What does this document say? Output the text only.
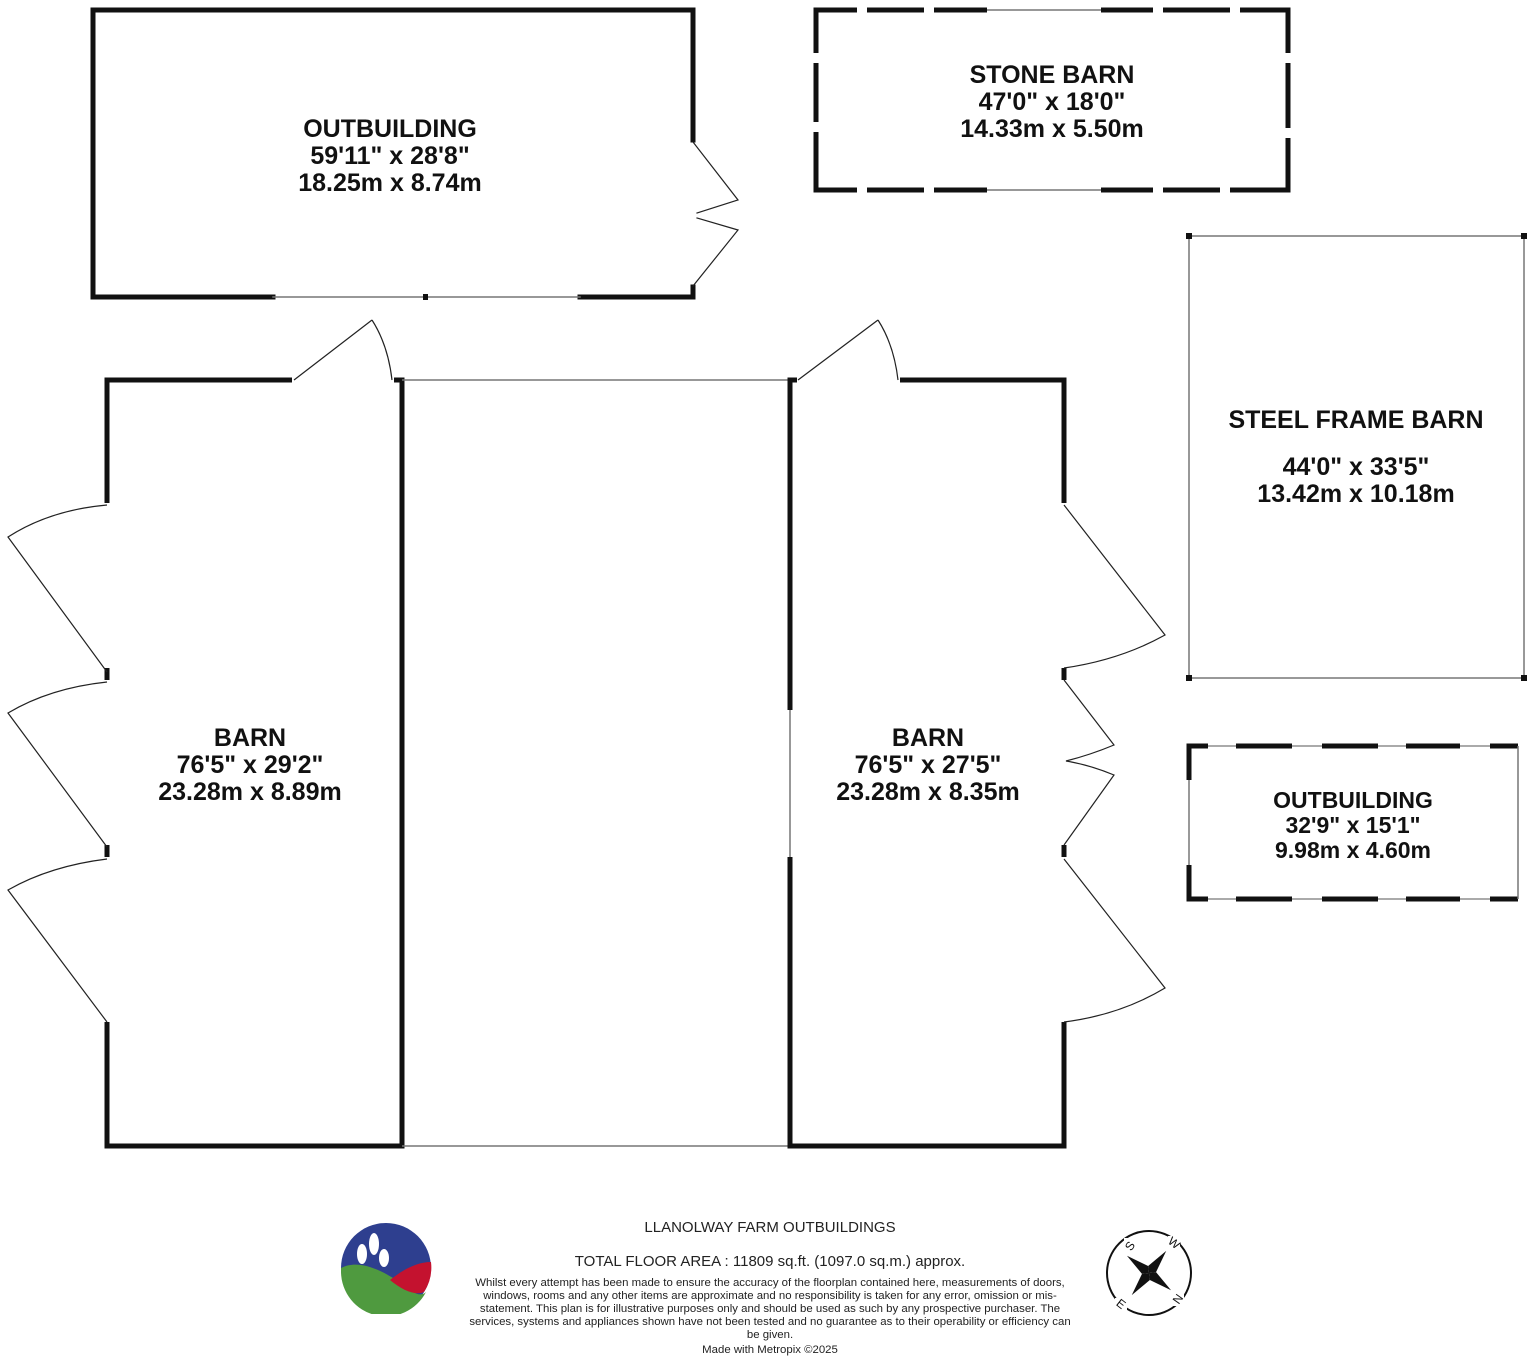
OUTBUILDING
59'11" x 28'8"
18.25m x 8.74m
STONE BARN
47'0" x 18'0"
14.33m x 5.50m
STEEL FRAME BARN
44'0" x 33'5"
13.42m x 10.18m
BARN
76'5" x 29'2"
23.28m x 8.89m
BARN
76'5" x 27'5"
23.28m x 8.35m	OUTBUILDING
32'9" x 15'1"
9.98m x 4.60m
LLANOLWAY FARM OUTBUILDINGS
TOTAL FLOOR AREA : 11809 sq.ft. (1097.0 sq.m.) approx.
Whilst every attempt has been made to ensure the accuracy of the floorplan contained here, measurements of doors, windows, rooms and any other items are approximate and no responsibility is taken for any error, omission or mis-statement. This plan is for illustrative purposes only and should be used as such by any prospective purchaser. The services, systems and appliances shown have not been tested and no guarantee as to their operability or efficiency can be given.
Made with Metropix ©2025
S W
N
E
